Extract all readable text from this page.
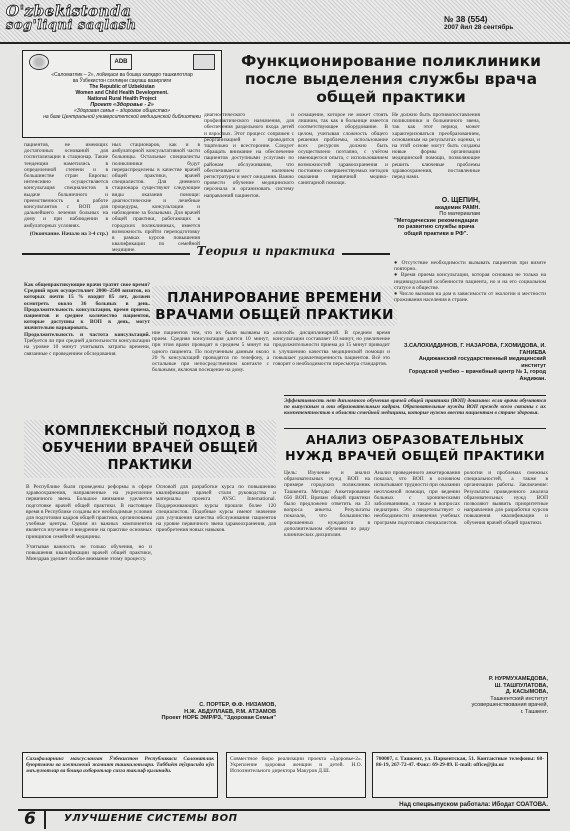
O'zbekistonda
sog'liqni saqlash	№ 38 (554)
2007 йил 28 сентябрь
ADB
«Саломатлик – 2», лойиҳаси ва бошқа халқаро ташкилотлар
ва Ўзбекистон соғлиқни сақлаш вазирлиги
The Republic of Uzbekistan
Women and Child Health Development.
National Rural Health Project
Проект «Здоровье - 2»
«Здоровая семья – здоровое общество»
на базе Центральной университетской медицинской библиотеки
Функционирование поликлиники после выделения службы врача общей практики
пациентов, не имеющих достаточных оснований для госпитализации в стационар. Такие тенденции наметились в определенной степени и в большинстве стран Европы: интенсивно осуществляется консультация специалистов в выдаче больничного и преемственность в работе консультантов с ВОП для дальнейшего лечения больных на дому и при наблюдении в амбулаторных условиях.
(Окончание. Начало на 3-4 стр.)
ных стационаров, как и в амбулаторной консультативной части больницы. Остальные специалисты поликлиники будут перераспределены в качестве врачей общей практики, врачей специалистов. Для дневного стационара существуют следующие виды оказания помощи: диагностические и лечебные процедуры, консультации и наблюдение за больными. Для врачей общей практики, работающих в городских поликлиниках, имеется возможность пройти переподготовку в рамках курсов повышения квалификации по семейной медицине.
диагностического и профилактического назначения, для обеспечения раздельного входа детей и взрослых. Этот процесс сопряжен с реорганизацией и проводится тщательно и всесторонне. Следует обращать внимание на обеспечение пациентов доступными услугами по районам обслуживания, что обеспечивается наличием регистратуры и мест ожидания. Важно провести обучение медицинского персонала и организовать систему направлений пациентов.
оснащение, которое не может стоять лишним, так как в больнице имеется соответствующее оборудование. В целом, учитывая сложность общего решения проблемы, использование всех ресурсов должно быть осуществлено поэтапно, с учётом имеющегося опыта, с использованием возможностей здравоохранения и постоянно совершенствуемых методов оказания первичной медико-санитарной помощи.
Не должно быть противопоставления поликлиники и больничного звена, так как этот период может характеризоваться преобразованием, основанным на результатах оценки, и на этой основе могут быть созданы новые формы организации медицинской помощи, позволяющие решить ключевые проблемы здравоохранения, поставленные перед нами.
О. ЩЕПИН,
академик РАМН.
По материалам
"Методические рекомендации по развитию службы врача общей практики в РФ".
Теория и практика
ПЛАНИРОВАНИЕ ВРЕМЕНИ
ВРАЧАМИ ОБЩЕЙ ПРАКТИКИ
Как общепрактикующие врачи тратят свое время? Средний врач осуществляет 2000–2500 визитов, из которых почти 15 % входит 85 лет, должен осмотреть около 36 больных в день. Продолжительность консультации, время приема, пациентов и среднее количество пациентов, которые доступны к ВОП в день, могут значительно варьировать.
Продолжительность и частота консультаций. Требуется ли при средней длительности консультации на уровне 10 минут учитывать затраты времени, связанные с проведением обследования.
ние пациентов тем, что их были вызваны на прием. Средняя консультация длится 10 минут, при этом врачи проводят в среднем 5 минут на одного пациента. По полученным данным около 20 % консультаций проводятся по телефону, а остальные при непосредственном контакте с больными, включая посещение на дому.
«плохой» дисциплинарной. В среднем время консультации составляет 10 минут, но увеличение продолжительности приема до 15 минут приводит к улучшению качества медицинской помощи и повышает удовлетворенность пациентов. Всё это говорит о необходимости пересмотра стандартов.
● Отсутствие необходимости вызывать пациентов при визите повторно.
● Время приема консультации, которая основана не только на индивидуальной особенности пациента, но и на его социальном статусе в обществе.
● Число вызовов на дом в зависимости от экологии и местности проживания населения в стране.
З.САЛОХИДДИНОВ, Г. НАЗАРОВА, Г.ХОМИДОВА, И. ГАНИЕВА
Андижанский государственный медицинский институт
Городской учебно – врачебный центр № 1, город Андижан.
Эффективность нет дипломного обучения врачей общей практики (ВОП) доказано: если врачи обучаются по выпускным и они образовательным кадрам. Образовательные нужды ВОП прежде всего связаны с их компетентностью в области семейной медицины, которые нужно ввести пациентам в стране здоровья.
КОМПЛЕКСНЫЙ ПОДХОД В
ОБУЧЕНИИ ВРАЧЕЙ ОБЩЕЙ
ПРАКТИКИ
В Республике были проведены реформы в сфере здравоохранения, направленные на укрепление первичного звена. Большое внимание уделяется подготовке врачей общей практики. В настоящее время в Республике созданы все необходимые условия для подготовки кадров общей практики, организованы учебные центры. Одним из важных компонентов является изучение и внедрение на практике основных принципов семейной медицины.
Учитывая важность не только обучения, но и повышения квалификации врачей общей практики, Минздрав уделяет особое внимание этому процессу.
Основой для разработки курса по повышению квалификации врачей стали руководства и материалы проекта AVSC International. Поддерживающих курсы прошли более 120 специалистов. Подобные курсы имеют значение для улучшения качества обслуживания пациентов на уровне первичного звена здравоохранения, для приобретения новых навыков.
С. ПОРТЕР, Ф.Ф. НИЗАМОВ,
Н.Ж. АБДУЛЛАЕВ, Р.М. АТЗАМОВ
Проект НОРЕ ЭМР/РЗ, "Здоровая Семья"
АНАЛИЗ ОБРАЗОВАТЕЛЬНЫХ
НУЖД ВРАЧЕЙ ОБЩЕЙ ПРАКТИКИ
Цель: Изучение и анализ образовательных нужд ВОП на примере городских поликлиник Ташкента. Методы: Анкетирование 656 ВОП. Врачам общей практики было предложено ответить на 23 вопроса анкеты. Результаты показали, что большинство опрошенных нуждаются в дополнительном обучении по ряду клинических дисциплин.
Анализ проведенного анкетирования показал, что ВОП в основном испытывают трудности при оказании неотложной помощи, при ведении больных с хроническими заболеваниями, а также в вопросах педиатрии. Это свидетельствует о необходимости изменения учебных программ подготовки специалистов.
рологии и проблемах смежных специальностей, а также в организации работы. Заключение: Результаты проведенного анализа образовательных нужд ВОП позволяют выявить приоритетные направления для разработки курсов повышения квалификации и обучения врачей общей практики.
Р. НУРМУХАМЕДОВА,
Ш. ТАШПУЛАТОВА,
Д. КАСЫМОВА,
Ташкентский институт усовершенствования врачей,
г. Ташкент.
Сахифаларнинг махсусланган Ўзбекистон Республикаси Саломатлик буюртмачи ва ижтимоий жамият ташкилотлари. Тиббиёт тўғрисида кўп маълумотлар ва бошқа ахборотлар сизга таклиф қилинади.
Совместное бюро реализации проекта «Здоровье-2». Укрепление здоровья женщин и детей. Н.О. Исполнительного директора Макуров Д.Ш.
700007, г. Ташкент, ул. Паркентская, 51. Контактные телефоны: 68-86-19, 267-72-47. Факс: 69-29-89. E-mail: office@jiu.uz
Над спецвыпуском работала: Ибодат СОАТОВА.
6	УЛУЧШЕНИЕ СИСТЕМЫ ВОП
